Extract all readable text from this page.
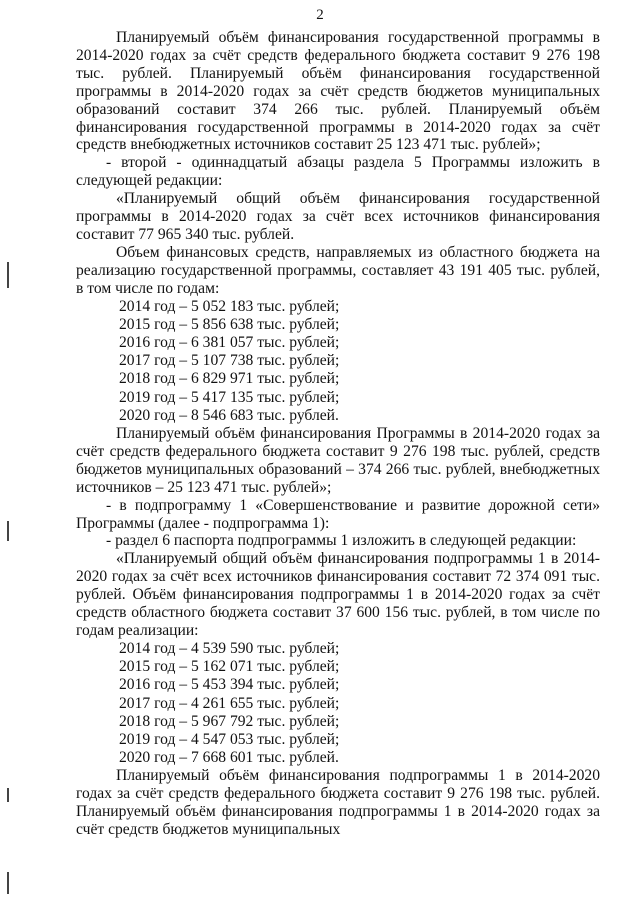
2

Планируемый объём финансирования государственной программы в 2014-2020 годах за счёт средств федерального бюджета составит 9 276 198 тыс. рублей. Планируемый объём финансирования государственной программы в 2014-2020 годах за счёт средств бюджетов муниципальных образований составит 374 266 тыс. рублей. Планируемый объём финансирования государственной программы в 2014-2020 годах за счёт средств внебюджетных источников составит 25 123 471 тыс. рублей»;

- второй - одиннадцатый абзацы раздела 5 Программы изложить в следующей редакции:

«Планируемый общий объём финансирования государственной программы в 2014-2020 годах за счёт всех источников финансирования составит 77 965 340 тыс. рублей.

Объем финансовых средств, направляемых из областного бюджета на реализацию государственной программы, составляет 43 191 405 тыс. рублей, в том числе по годам:

2014 год – 5 052 183 тыс. рублей;
2015 год – 5 856 638 тыс. рублей;
2016 год – 6 381 057 тыс. рублей;
2017 год – 5 107 738 тыс. рублей;
2018 год – 6 829 971 тыс. рублей;
2019 год – 5 417 135 тыс. рублей;
2020 год – 8 546 683 тыс. рублей.

Планируемый объём финансирования Программы в 2014-2020 годах за счёт средств федерального бюджета составит 9 276 198 тыс. рублей, средств бюджетов муниципальных образований – 374 266 тыс. рублей, внебюджетных источников – 25 123 471 тыс. рублей»;

- в подпрограмму 1 «Совершенствование и развитие дорожной сети» Программы (далее - подпрограмма 1):

- раздел 6 паспорта подпрограммы 1 изложить в следующей редакции:

«Планируемый общий объём финансирования подпрограммы 1 в 2014-2020 годах за счёт всех источников финансирования составит 72 374 091 тыс. рублей. Объём финансирования подпрограммы 1 в 2014-2020 годах за счёт средств областного бюджета составит 37 600 156 тыс. рублей, в том числе по годам реализации:

2014 год – 4 539 590 тыс. рублей;
2015 год – 5 162 071 тыс. рублей;
2016 год – 5 453 394 тыс. рублей;
2017 год – 4 261 655 тыс. рублей;
2018 год – 5 967 792 тыс. рублей;
2019 год – 4 547 053 тыс. рублей;
2020 год – 7 668 601 тыс. рублей.

Планируемый объём финансирования подпрограммы 1 в 2014-2020 годах за счёт средств федерального бюджета составит 9 276 198 тыс. рублей. Планируемый объём финансирования подпрограммы 1 в 2014-2020 годах за счёт средств бюджетов муниципальных
